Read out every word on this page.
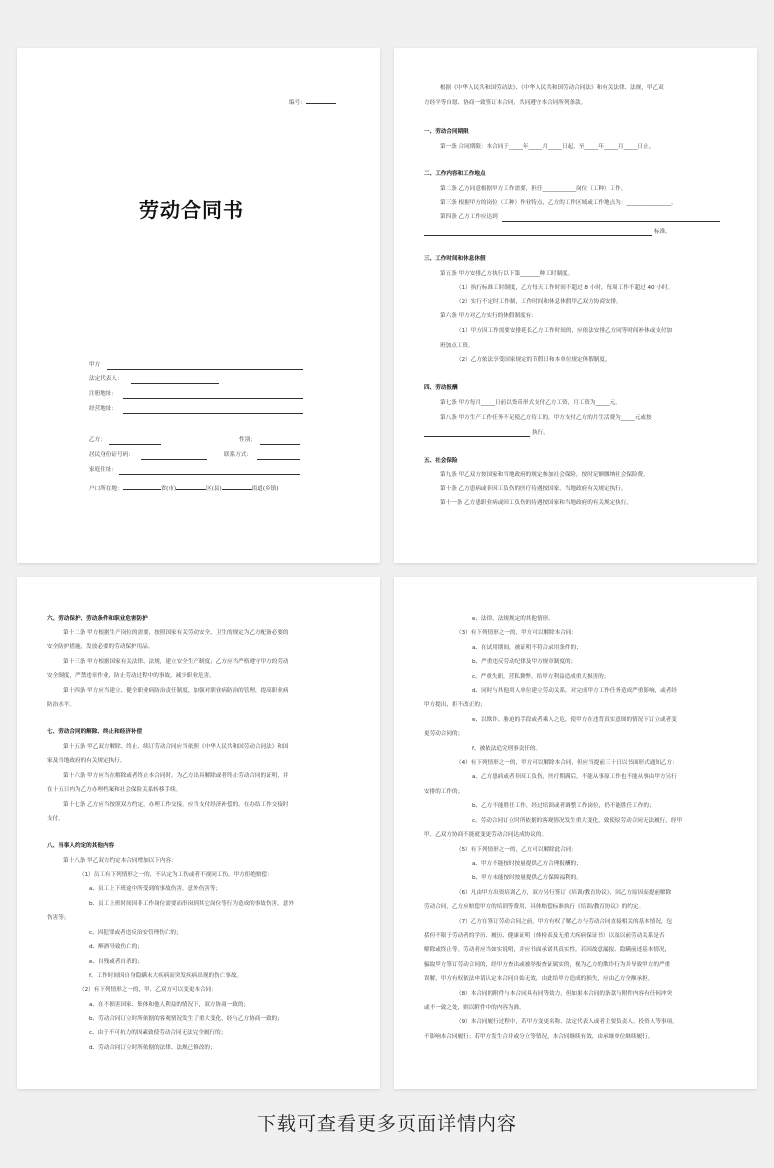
编号：
劳动合同书
甲方
法定代表人：
注册地址：
经营地址：
乙方：	性别：
居民身份证号码：	联系方式：
家庭住址：
户口所在地：	省(市)	区(县)	街道(乡镇)
根据《中华人民共和国劳动法》、《中华人民共和国劳动合同法》和有关法律、法规，甲乙双
方经平等自愿、协商一致签订本合同，共同遵守本合同所列条款。
一、劳动合同期限
第一条 合同期限：本合同于_____年_____月_____日起，至_____年_____月_____日止。
二、工作内容和工作地点
第二条 乙方同意根据甲方工作需要，担任____________岗位（工种）工作。
第三条 根据甲方的岗位（工种）作业特点，乙方的工作区域或工作地点为：________________。
第四条 乙方工作应达到
标准。
三、工作时间和休息休假
第五条 甲方安排乙方执行以下第_______种工时制度。
（1）执行标准工时制度，乙方每天工作时间不超过 8 小时，每周工作不超过 40 小时。
（2）实行不定时工作制，工作时间和休息休假甲乙双方协商安排。
第六条 甲方对乙方实行的休假制度有：
（1）甲方因工作需要安排延长乙方工作时间的，应依法安排乙方同等时间补休或支付加
班加点工资。
（2）乙方依法享受国家规定的节假日和本单位规定休假制度。
四、劳动报酬
第七条 甲方每月_____日前以货币形式支付乙方工资，月工资为_____元。
第八条 甲方生产工作任务不足使乙方待工的，甲方支付乙方的月生活费为_____元或按
执行。
五、社会保险
第九条 甲乙双方按国家和当地政府的规定参加社会保险，按时足额缴纳社会保险费。
第十条 乙方患病或非因工负伤的医疗待遇按国家、当地政府有关规定执行。
第十一条 乙方患职业病或因工负伤的待遇按国家和当地政府的有关规定执行。
六、劳动保护、劳动条件和职业危害防护
第十二条 甲方根据生产岗位的需要，按照国家有关劳动安全、卫生的规定为乙方配备必要的
安全防护措施，发放必要的劳动保护用品。
第十三条 甲方根据国家有关法律、法规，建立安全生产制度；乙方应当严格遵守甲方的劳动
安全制度，严禁违章作业，防止劳动过程中的事故，减少职业危害。
第十四条 甲方应当建立、健全职业病防治责任制度，加强对职业病防治的管理，提高职业病
防治水平。
七、劳动合同的解除、终止和经济补偿
第十五条 甲乙双方解除、终止、续订劳动合同应当依照《中华人民共和国劳动合同法》和国
家及当地政府的有关规定执行。
第十六条 甲方应当在解除或者终止本合同时，为乙方出具解除或者终止劳动合同的证明，并
在十五日内为乙方办理档案和社会保险关系转移手续。
第十七条 乙方应当按照双方约定，办理工作交接。应当支付经济补偿的，在办结工作交接时
支付。
八、当事人约定的其他内容
第十八条 甲乙双方约定本合同增加以下内容：
（1）员工有下列情形之一的，不认定为工伤或者不视同工伤，甲方拒绝赔偿：
a、员工上下班途中所受到的事故伤害，意外伤害等；
b、员工上班时间因非工作岗位需要而串岗到其它岗位等行为造成的事故伤害，意外
伤害等；
c、因犯罪或者违反治安管理伤亡的；
d、醉酒导致伤亡的；
e、自残或者自杀的；
f、工作时间因自身隐瞒未大疾病而突发疾病出现的伤亡事故。
（2）有下列情形之一的，甲、乙双方可以变更本合同：
a、在不损害国家、集体和他人利益的情况下，双方协商一致的；
b、劳动合同订立时所依据的客观情况发生了重大变化，经与乙方协商一致的；
c、由于不可抗力的因素致使劳动合同无法完全履行的；
d、劳动合同订立时所依据的法律、法规已修改的；
e、法律、法规规定的其他情形。
（3）有下列情形之一的，甲方可以解除本合同：
a、在试用期间，被证明不符合录用条件的；
b、严重违反劳动纪律及甲方规章制度的；
c、严重失职，营私舞弊，给甲方利益造成重大损害的；
d、同时与其他用人单位建立劳动关系，对完成甲方工作任务造成严重影响，或者经
甲方提出，拒不改正的；
e、以欺诈、胁迫的手段或者乘人之危，使甲方在违背真实意图的情况下订立或者变
更劳动合同的；
f、被依法追究刑事责任的。
（4）有下列情形之一的，甲方可以解除本合同，但应当提前三十日以书面形式通知乙方：
a、乙方患病或者非因工负伤，医疗期满后，不能从事原工作也不能从事由甲方另行
安排的工作的；
b、乙方不能胜任工作，经过培训或者调整工作岗位，仍不能胜任工作的；
c、劳动合同订立时所依据的客观情况发生重大变化，致使原劳动合同无法履行，经甲
甲、乙双方协商不能就变更劳动合同达成协议的。
（5）有下列情形之一的，乙方可以解除此合同：
a、甲方不能按时按量提供乙方合理报酬的；
b、甲方未能按时按量提供乙方保障福利的。
（6）凡由甲方出资培训乙方，双方另行签订《培训/教育协议》，因乙方原因而提前解除
劳动合同，乙方应赔偿甲方的培训等费用，具体赔偿标准执行《培训/教育协议》的约定。
（7）乙方在签订劳动合同之前，甲方有权了解乙方与劳动合同直接相关的基本情况，包
括但不限于劳动者的学历、履历、健康证明（体检表及无重大疾病保证书）以及以前劳动关系是否
解除或终止等。劳动者应当如实说明，并应书面承诺其真实性。若因故意漏报、隐瞒前述基本情况，
骗取甲方签订劳动合同的，经甲方查出或被举报查证属实的，视为乙方的欺诈行为并导致甲方的严重
误解，甲方有权依法申请认定本合同自始无效，由此给甲方造成的损失，应由乙方全额承担。
（8）本合同的附件与本合同具有同等效力，但如果本合同的条款与附件内容有任何冲突
或不一致之处，则以附件中的内容为准。
（9）本合同履行过程中，若甲方变更名称、法定代表人或者主要负责人、投资人等事项，
不影响本合同履行；若甲方发生合并或分立等情况，本合同继续有效，由承继单位继续履行。
下载可查看更多页面详情内容
